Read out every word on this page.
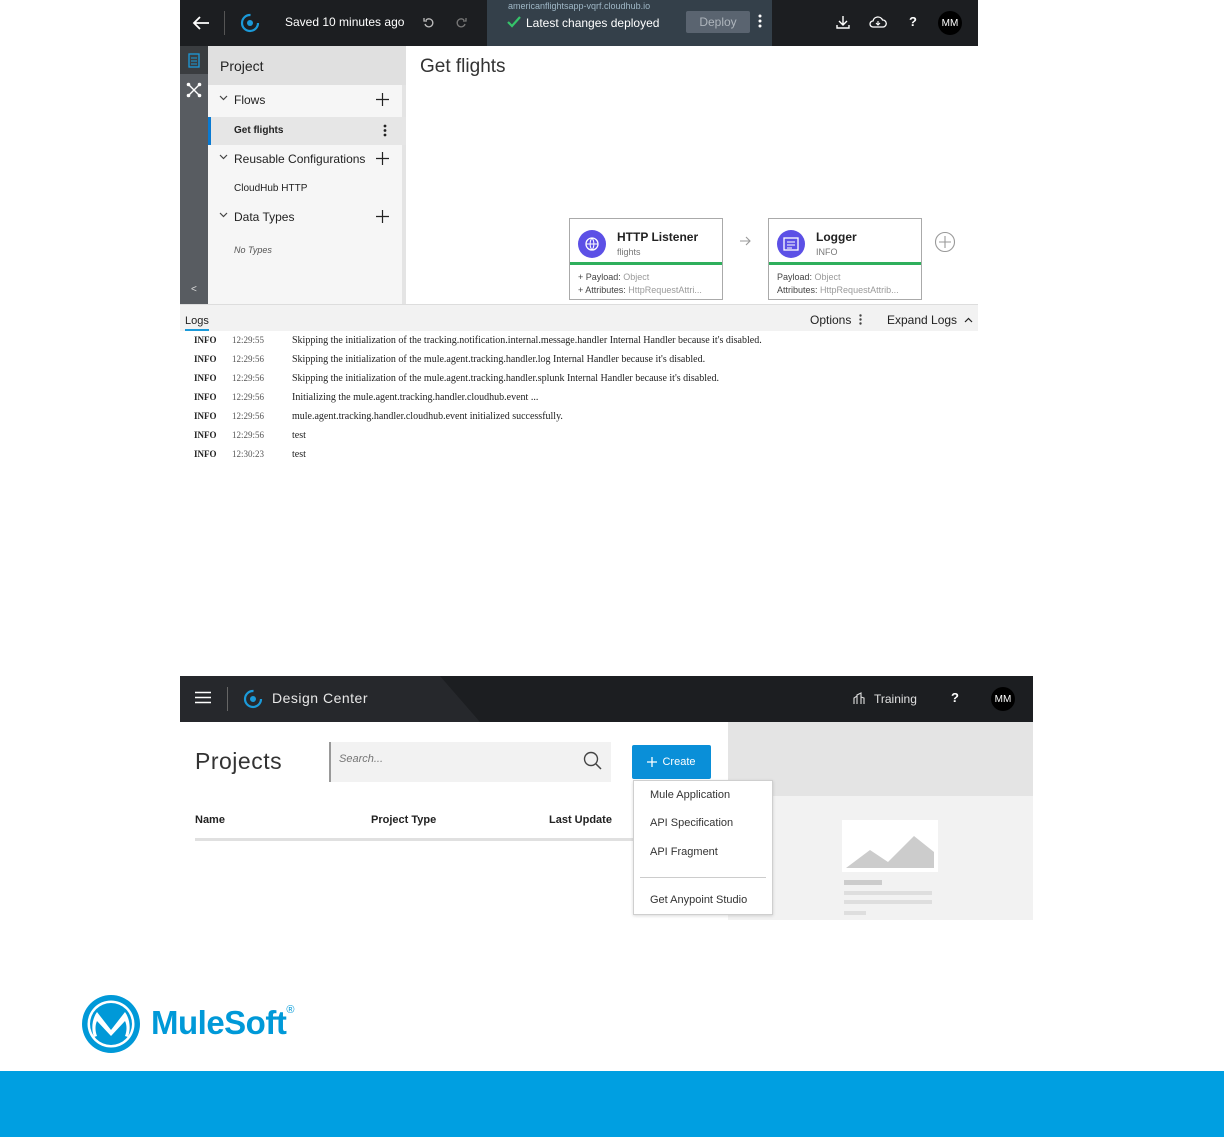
Saved 10 minutes ago
americanflightsapp-vqrf.cloudhub.io
Latest changes deployed	Deploy	?	MM
<
Project
Flows
Get flights
Reusable Configurations
CloudHub HTTP
Data Types
No Types
Get flights
HTTP Listener
flights
+ Payload: Object
+ Attributes: HttpRequestAttri...
Logger
INFO
Payload: Object
Attributes: HttpRequestAttrib...
Logs	Options	Expand Logs
INFO 12:29:55	Skipping the initialization of the tracking.notification.internal.message.handler Internal Handler because it's disabled.
INFO 12:29:56	Skipping the initialization of the mule.agent.tracking.handler.log Internal Handler because it's disabled.
INFO 12:29:56	Skipping the initialization of the mule.agent.tracking.handler.splunk Internal Handler because it's disabled.
INFO 12:29:56	Initializing the mule.agent.tracking.handler.cloudhub.event ...
INFO 12:29:56	mule.agent.tracking.handler.cloudhub.event initialized successfully.
INFO 12:29:56	test
INFO 12:30:23	test
Design Center	Training	?	MM
Projects
Search...	Create
Name	Project Type	Last Update
Mule Application
API Specification
API Fragment
Get Anypoint Studio
MuleSoft®
